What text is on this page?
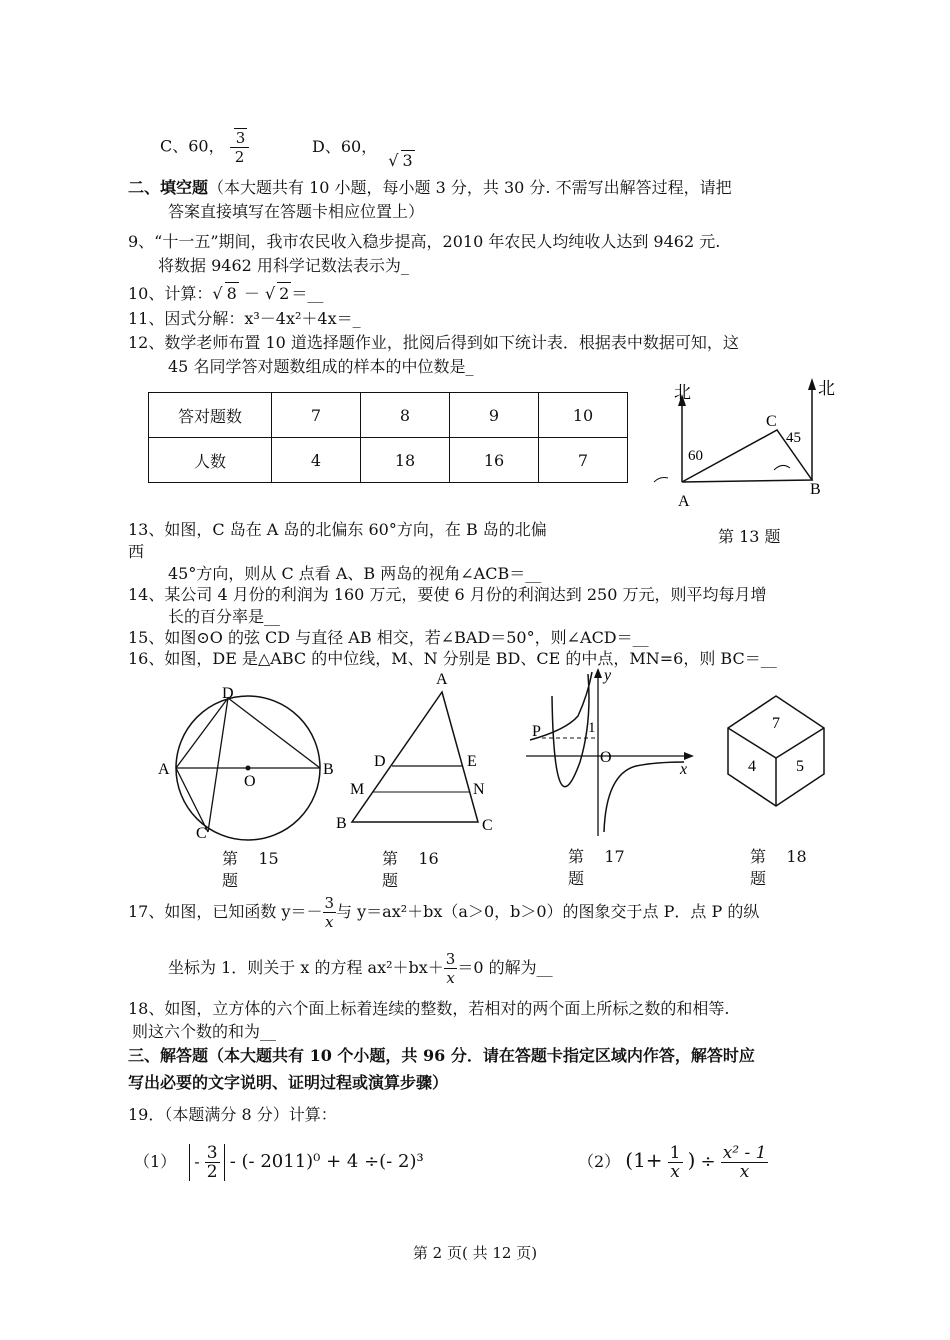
C、60， $\frac{3}{2}$	D、60， √ 3
二、填空题（本大题共有 10 小题，每小题 3 分，共 30 分. 不需写出解答过程，请把
答案直接填写在答题卡相应位置上）
9、“十一五”期间，我市农民收入稳步提高，2010 年农民人均纯收人达到 9462 元.
将数据 9462 用科学记数法表示为_
10、计算：√ 8 － √ 2 ＝__
11、因式分解：x³－4x²＋4x＝_
12、数学老师布置 10 道选择题作业，批阅后得到如下统计表．根据表中数据可知，这
45 名同学答对题数组成的样本的中位数是_
答对题数	7	8	9	10
人数	4	18	16	7
北	北
C
60
45
A
B
第 13 题
13、如图，C 岛在 A 岛的北偏东 60°方向，在 B 岛的北偏
西
45°方向，则从 C 点看 A、B 两岛的视角∠ACB＝__
14、某公司 4 月份的利润为 160 万元，要使 6 月份的利润达到 250 万元，则平均每月增
长的百分率是__
15、如图⊙O 的弦 CD 与直径 AB 相交，若∠BAD＝50°，则∠ACD＝__
16、如图，DE 是△ABC 的中位线，M、N 分别是 BD、CE 的中点，MN=6，则 BC＝__
A	B
C
D
O
第 15
题
A
B	C
D	E
M	N
第 16
题
P	1
O
y
x
第 17
题
7
4	5
第 18
题
17、如图，已知函数 $y=- \frac{3}{x}$ 与 y＝ax²＋bx（a＞0，b＞0）的图象交于点 P．点 P 的纵
坐标为 1．则关于 x 的方程 $ax^2+bx+ \frac{3}{x} =0$ 的解为__
18、如图，立方体的六个面上标着连续的整数，若相对的两个面上所标之数的和相等.
则这六个数的和为__
三、解答题（本大题共有 10 个小题，共 96 分．请在答题卡指定区域内作答，解答时应
写出必要的文字说明、证明过程或演算步骤）
19．（本题满分 8 分）计算：
$(1) - \frac{3}{2}$ - (- 2011)⁰ + 4 ÷(- 2)³	（2） ($1+ \frac{1}{x}$ ) ÷ $\frac{\text{x² - 1}}{x}$
第 2 页( 共 12 页)
